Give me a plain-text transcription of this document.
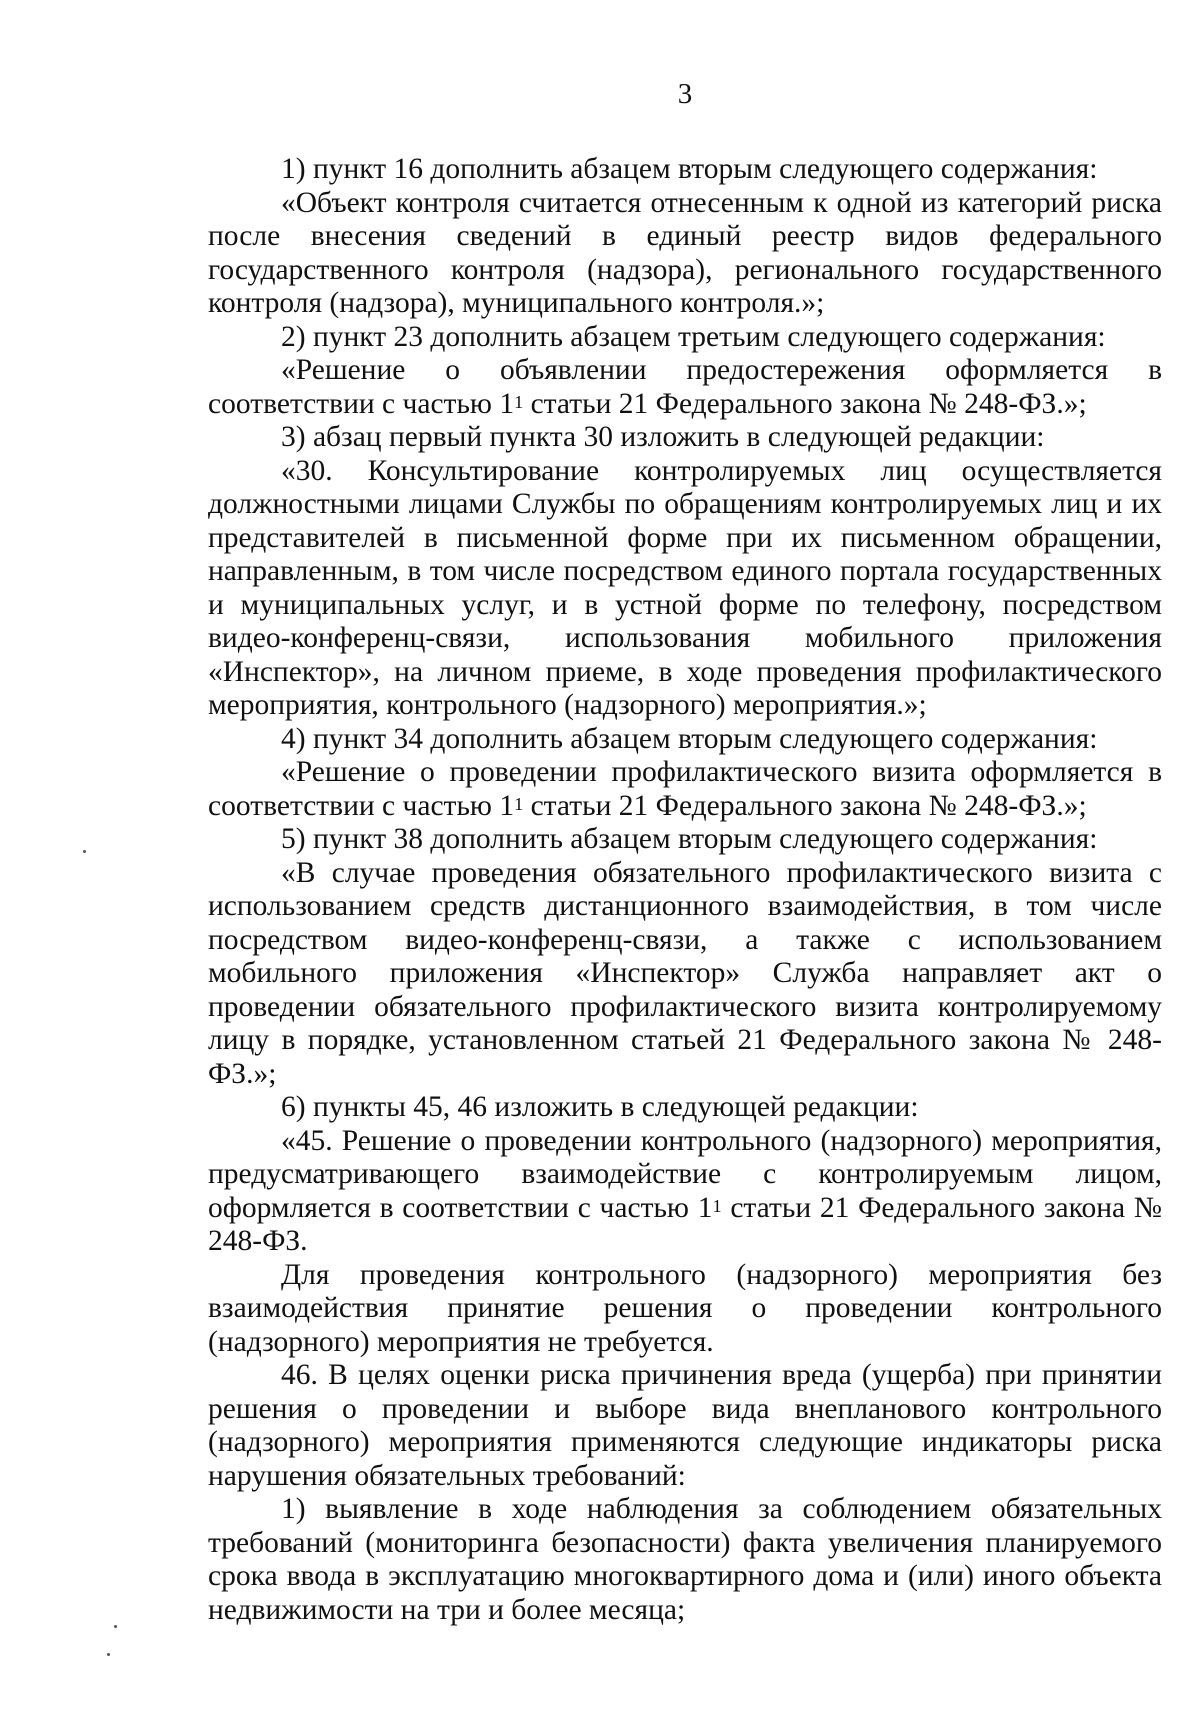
3

1) пункт 16 дополнить абзацем вторым следующего содержания:

«Объект контроля считается отнесенным к одной из категорий риска после внесения сведений в единый реестр видов федерального государственного контроля (надзора), регионального государственного контроля (надзора), муниципального контроля.»;

2) пункт 23 дополнить абзацем третьим следующего содержания:

«Решение о объявлении предостережения оформляется в соответствии с частью $1^1$ статьи 21 Федерального закона № 248-ФЗ.»;

3) абзац первый пункта 30 изложить в следующей редакции:

«30. Консультирование контролируемых лиц осуществляется должностными лицами Службы по обращениям контролируемых лиц и их представителей в письменной форме при их письменном обращении, направленным, в том числе посредством единого портала государственных и муниципальных услуг, и в устной форме по телефону, посредством видео-конференц-связи, использования мобильного приложения «Инспектор», на личном приеме, в ходе проведения профилактического мероприятия, контрольного (надзорного) мероприятия.»;

4) пункт 34 дополнить абзацем вторым следующего содержания:

«Решение о проведении профилактического визита оформляется в соответствии с частью $1^1$ статьи 21 Федерального закона № 248-ФЗ.»;

5) пункт 38 дополнить абзацем вторым следующего содержания:

«В случае проведения обязательного профилактического визита с использованием средств дистанционного взаимодействия, в том числе посредством видео-конференц-связи, а также с использованием мобильного приложения «Инспектор» Служба направляет акт о проведении обязательного профилактического визита контролируемому лицу в порядке, установленном статьей 21 Федерального закона № 248-ФЗ.»;

6) пункты 45, 46 изложить в следующей редакции:

«45. Решение о проведении контрольного (надзорного) мероприятия, предусматривающего взаимодействие с контролируемым лицом, оформляется в соответствии с частью $1^1$ статьи 21 Федерального закона № 248-ФЗ.

Для проведения контрольного (надзорного) мероприятия без взаимодействия принятие решения о проведении контрольного (надзорного) мероприятия не требуется.

46. В целях оценки риска причинения вреда (ущерба) при принятии решения о проведении и выборе вида внепланового контрольного (надзорного) мероприятия применяются следующие индикаторы риска нарушения обязательных требований:

1) выявление в ходе наблюдения за соблюдением обязательных требований (мониторинга безопасности) факта увеличения планируемого срока ввода в эксплуатацию многоквартирного дома и (или) иного объекта недвижимости на три и более месяца;
